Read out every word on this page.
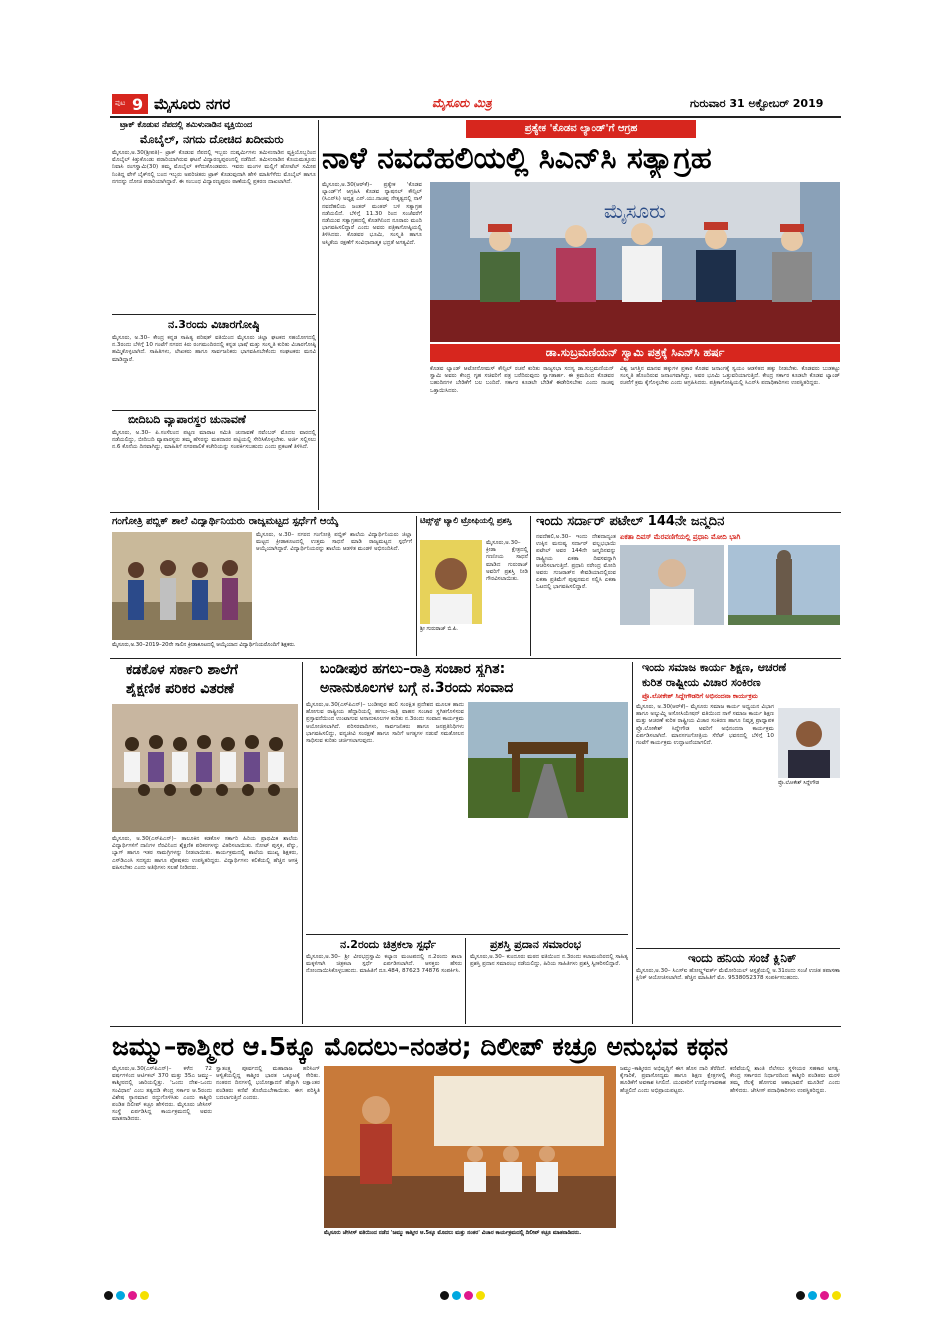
ಪುಟ 9 ಮೈಸೂರು ನಗರ	ಮೈಸೂರು ಮಿತ್ರ	ಗುರುವಾರ 31 ಅಕ್ಟೋಬರ್ 2019
ಟ್ರಾಕ್ ಕೊಡುವ ನೆಪದಲ್ಲಿ ತಮಿಳುನಾಡಿನ ವ್ಯಕ್ತಿಯಿಂದ
ಮೊಬೈಲ್, ನಗದು ದೋಚಿದ ಖದೀಮರು
ಮೈಸೂರು,ಅ.30(ಶ್ರೀಪತಿ)– ಟ್ರಾಕ್ ಕೊಡುವ ನೆಪದಲ್ಲಿ ಇಬ್ಬರು ದುಷ್ಕರ್ಮಿಗಳು ತಮಿಳುನಾಡಿನ ವ್ಯಕ್ತಿಯೊಬ್ಬರಿಂದ ಮೊಬೈಲ್ ಕಿತ್ತುಕೊಂಡು ಪರಾರಿಯಾಗಿರುವ ಘಟನೆ ವಿದ್ಯಾರಣ್ಯಪುರಂನಲ್ಲಿ ನಡೆದಿದೆ. ತಮಿಳುನಾಡಿನ ಕೊಯಮತ್ತೂರು ನಿವಾಸಿ ರಂಗಸ್ವಾಮಿ(30) ತಮ್ಮ ಮೊಬೈಲ್ ಕಳೆದುಕೊಂಡವರು. ಇವರು ಮಂಗಳ ಮಲ್ಲಿಗೆ ಹೋಟೆಲ್ ಸಮೀಪ ನಿಂತಿದ್ದ ವೇಳೆ ಬೈಕ್‌ನಲ್ಲಿ ಬಂದ ಇಬ್ಬರು ಅಪರಿಚಿತರು ಟ್ರಾಕ್ ಕೊಡುವುದಾಗಿ ಹೇಳಿ ಮಾತಿಗೆಳೆದು ಮೊಬೈಲ್ ಹಾಗೂ ನಗದನ್ನು ದೋಚಿ ಪರಾರಿಯಾಗಿದ್ದಾರೆ. ಈ ಸಂಬಂಧ ವಿದ್ಯಾರಣ್ಯಪುರಂ ಠಾಣೆಯಲ್ಲಿ ಪ್ರಕರಣ ದಾಖಲಾಗಿದೆ.
ನ.3ರಂದು ವಿಚಾರಗೋಷ್ಠಿ
ಮೈಸೂರು, ಅ.30– ಕೇಂದ್ರ ಕನ್ನಡ ಸಾಹಿತ್ಯ ಪರಿಷತ್ ವತಿಯಿಂದ ಮೈಸೂರು ಜಿಲ್ಲಾ ಘಟಕದ ಸಹಯೋಗದಲ್ಲಿ ನ.3ರಂದು ಬೆಳಿಗ್ಗೆ 10 ಗಂಟೆಗೆ ನಗರದ ಕಿರು ರಂಗಮಂದಿರದಲ್ಲಿ ಕನ್ನಡ ಭಾಷೆ ಮತ್ತು ಸಂಸ್ಕೃತಿ ಕುರಿತು ವಿಚಾರಗೋಷ್ಠಿ ಹಮ್ಮಿಕೊಳ್ಳಲಾಗಿದೆ. ಸಾಹಿತಿಗಳು, ಲೇಖಕರು ಹಾಗೂ ಸಾರ್ವಜನಿಕರು ಭಾಗವಹಿಸಬೇಕೆಂದು ಸಂಘಟಕರು ಮನವಿ ಮಾಡಿದ್ದಾರೆ.
ಬೀದಿಬದಿ ವ್ಯಾಪಾರಸ್ಥರ ಚುನಾವಣೆ
ಮೈಸೂರು, ಅ.30– ಪಿ.ಸಂಸೆಲಂದ ಪಟ್ಟಣ ಮಾರಾಟ ಸಮಿತಿ ಚುನಾವಣೆ ನವೆಂಬರ್ ಮೊದಲ ವಾರದಲ್ಲಿ ನಡೆಯಲಿದ್ದು, ಬೀದಿಬದಿ ವ್ಯಾಪಾರಸ್ಥರು ತಮ್ಮ ಹೆಸರನ್ನು ಮತದಾರರ ಪಟ್ಟಿಯಲ್ಲಿ ಸೇರಿಸಿಕೊಳ್ಳಬೇಕು. ಅರ್ಜಿ ಸಲ್ಲಿಸಲು ನ.6 ಕೊನೆಯ ದಿನವಾಗಿದ್ದು, ಮಾಹಿತಿಗೆ ನಗರಪಾಲಿಕೆ ಕಚೇರಿಯನ್ನು ಸಂಪರ್ಕಿಸಬಹುದು ಎಂದು ಪ್ರಕಟಣೆ ತಿಳಿಸಿದೆ.
ಪ್ರತ್ಯೇಕ 'ಕೊಡವ ಲ್ಯಾಂಡ್'ಗೆ ಆಗ್ರಹ
ನಾಳೆ ನವದೆಹಲಿಯಲ್ಲಿ ಸಿಎನ್‌ಸಿ ಸತ್ಯಾಗ್ರಹ
ಮೈಸೂರು,ಅ.30(ಆರ್‌ಕೆ)– ಪ್ರತ್ಯೇಕ 'ಕೊಡವ ಲ್ಯಾಂಡ್'ಗೆ ಆಗ್ರಹಿಸಿ ಕೊಡವ ನ್ಯಾಷನಲ್ ಕೌನ್ಸಿಲ್ (ಸಿಎನ್‌ಸಿ) ಅಧ್ಯಕ್ಷ ಎನ್.ಯು.ನಾಚಪ್ಪ ನೇತೃತ್ವದಲ್ಲಿ ನಾಳೆ ನವದೆಹಲಿಯ ಜಂತರ್ ಮಂತರ್ ಬಳಿ ಸತ್ಯಾಗ್ರಹ ನಡೆಯಲಿದೆ. ಬೆಳಿಗ್ಗೆ 11.30 ರಿಂದ ಸಂಜೆವರೆಗೆ ನಡೆಯುವ ಸತ್ಯಾಗ್ರಹದಲ್ಲಿ ಕೊಡಗಿನಿಂದ ನೂರಾರು ಮಂದಿ ಭಾಗವಹಿಸಲಿದ್ದಾರೆ ಎಂದು ಅವರು ಪತ್ರಿಕಾಗೋಷ್ಠಿಯಲ್ಲಿ ತಿಳಿಸಿದರು. ಕೊಡವರ ಭೂಮಿ, ಸಂಸ್ಕೃತಿ ಹಾಗೂ ಅಸ್ಮಿತೆಯ ರಕ್ಷಣೆಗೆ ಸಂವಿಧಾನಾತ್ಮಕ ಭದ್ರತೆ ಅಗತ್ಯವಿದೆ.
ಮೈಸೂರು
ಡಾ.ಸುಬ್ರಮಣಿಯನ್ ಸ್ವಾಮಿ ಪತ್ರಕ್ಕೆ ಸಿಎನ್‌ಸಿ ಹರ್ಷ
ಕೊಡವ ಲ್ಯಾಂಡ್ ಆಟೋನೋಮಸ್ ಕೌನ್ಸಿಲ್ ರಚನೆ ಕುರಿತು ರಾಜ್ಯಸಭಾ ಸದಸ್ಯ ಡಾ.ಸುಬ್ರಮಣಿಯನ್ ಸ್ವಾಮಿ ಅವರು ಕೇಂದ್ರ ಗೃಹ ಸಚಿವರಿಗೆ ಪತ್ರ ಬರೆದಿರುವುದು ಸ್ವಾಗತಾರ್ಹ. ಈ ಕ್ರಮದಿಂದ ಕೊಡವರ ಬಹುದಿನಗಳ ಬೇಡಿಕೆಗೆ ಬಲ ಬಂದಿದೆ. ಸರ್ಕಾರ ಕೂಡಲೇ ಬೇಡಿಕೆ ಈಡೇರಿಸಬೇಕು ಎಂದು ನಾಚಪ್ಪ ಒತ್ತಾಯಿಸಿದರು.
ವಿಶ್ವ ಜಗತ್ತಿನ ಮಾನವ ಹಕ್ಕುಗಳ ಪ್ರಕಾರ ಕೊಡವ ಜನಾಂಗಕ್ಕೆ ಸ್ವಯಂ ಆಡಳಿತದ ಹಕ್ಕು ನೀಡಬೇಕು. ಕೊಡವರು ಬುಡಕಟ್ಟು ಸಂಸ್ಕೃತಿ ಹೊಂದಿರುವ ಜನಾಂಗವಾಗಿದ್ದು, ಅವರ ಭೂಮಿ ಒತ್ತುವರಿಯಾಗುತ್ತಿದೆ. ಕೇಂದ್ರ ಸರ್ಕಾರ ಕೂಡಲೇ ಕೊಡವ ಲ್ಯಾಂಡ್ ರಚನೆಗೆ ಕ್ರಮ ಕೈಗೊಳ್ಳಬೇಕು ಎಂದು ಆಗ್ರಹಿಸಿದರು. ಪತ್ರಿಕಾಗೋಷ್ಠಿಯಲ್ಲಿ ಸಿಎನ್‌ಸಿ ಪದಾಧಿಕಾರಿಗಳು ಉಪಸ್ಥಿತರಿದ್ದರು.
ಗಂಗೋತ್ರಿ ಪಬ್ಲಿಕ್ ಶಾಲೆ ವಿದ್ಯಾರ್ಥಿನಿಯರು ರಾಜ್ಯಮಟ್ಟದ ಸ್ಪರ್ಧೆಗೆ ಆಯ್ಕೆ
ಮೈಸೂರು, ಅ.30– ನಗರದ ಗಂಗೋತ್ರಿ ಪಬ್ಲಿಕ್ ಶಾಲೆಯ ವಿದ್ಯಾರ್ಥಿನಿಯರು ಜಿಲ್ಲಾ ಮಟ್ಟದ ಕ್ರೀಡಾಕೂಟದಲ್ಲಿ ಉತ್ತಮ ಸಾಧನೆ ಮಾಡಿ ರಾಜ್ಯಮಟ್ಟದ ಸ್ಪರ್ಧೆಗೆ ಆಯ್ಕೆಯಾಗಿದ್ದಾರೆ. ವಿದ್ಯಾರ್ಥಿನಿಯರನ್ನು ಶಾಲೆಯ ಆಡಳಿತ ಮಂಡಳಿ ಅಭಿನಂದಿಸಿದೆ.
ಮೈಸೂರು,ಅ.30–2019–20ನೇ ಸಾಲಿನ ಕ್ರೀಡಾಕೂಟದಲ್ಲಿ ಆಯ್ಕೆಯಾದ ವಿದ್ಯಾರ್ಥಿನಿಯರೊಂದಿಗೆ ಶಿಕ್ಷಕರು.
ಟಿಪ್ಸ್‌ಸ್ಟ್ ಟ್ಯಾಲಿ ಟ್ರೋಫಿಯಲ್ಲಿ ಪ್ರಶಸ್ತಿ
ಮೈಸೂರು,ಅ.30– ಕ್ರೀಡಾ ಕ್ಷೇತ್ರದಲ್ಲಿ ಗಣನೀಯ ಸಾಧನೆ ಮಾಡಿದ ಗುರುರಾಜ್ ಅವರಿಗೆ ಪ್ರಶಸ್ತಿ ನೀಡಿ ಗೌರವಿಸಲಾಯಿತು.
ಶ್ರೀ ಗುರುರಾಜ್ ಬಿ.ಪಿ.
ಇಂದು ಸರ್ದಾರ್ ಪಟೇಲ್ 144ನೇ ಜನ್ಮದಿನ
ಏಕತಾ ದಿವಸ್ ಮೆರವಣಿಗೆಯಲ್ಲಿ ಪ್ರಧಾನಿ ಮೋದಿ ಭಾಗಿ
ನವದೆಹಲಿ,ಅ.30– ಇಂದು ದೇಶದಾದ್ಯಂತ ಉಕ್ಕಿನ ಮನುಷ್ಯ ಸರ್ದಾರ್ ವಲ್ಲಭಭಾಯಿ ಪಟೇಲ್ ಅವರ 144ನೇ ಜನ್ಮದಿನವನ್ನು ರಾಷ್ಟ್ರೀಯ ಏಕತಾ ದಿವಸವನ್ನಾಗಿ ಆಚರಿಸಲಾಗುತ್ತಿದೆ. ಪ್ರಧಾನಿ ನರೇಂದ್ರ ಮೋದಿ ಅವರು ಗುಜರಾತ್‌ನ ಕೇವಡಿಯಾದಲ್ಲಿರುವ ಏಕತಾ ಪ್ರತಿಮೆಗೆ ಪುಷ್ಪನಮನ ಸಲ್ಲಿಸಿ ಏಕತಾ ಓಟದಲ್ಲಿ ಭಾಗವಹಿಸಲಿದ್ದಾರೆ.
ಕಡಕೊಳ ಸರ್ಕಾರಿ ಶಾಲೆಗೆ
ಶೈಕ್ಷಣಿಕ ಪರಿಕರ ವಿತರಣೆ
ಮೈಸೂರು, ಅ.30(ಎಸ್‌ಪಿಎನ್)– ತಾಲೂಕಿನ ಕಡಕೊಳ ಸರ್ಕಾರಿ ಹಿರಿಯ ಪ್ರಾಥಮಿಕ ಶಾಲೆಯ ವಿದ್ಯಾರ್ಥಿಗಳಿಗೆ ದಾನಿಗಳ ನೆರವಿನಿಂದ ಶೈಕ್ಷಣಿಕ ಪರಿಕರಗಳನ್ನು ವಿತರಿಸಲಾಯಿತು. ನೋಟ್ ಪುಸ್ತಕ, ಪೆನ್ನು, ಬ್ಯಾಗ್ ಹಾಗೂ ಇತರ ಸಾಮಗ್ರಿಗಳನ್ನು ನೀಡಲಾಯಿತು. ಕಾರ್ಯಕ್ರಮದಲ್ಲಿ ಶಾಲೆಯ ಮುಖ್ಯ ಶಿಕ್ಷಕರು, ಎಸ್‌ಡಿಎಂಸಿ ಸದಸ್ಯರು ಹಾಗೂ ಪೋಷಕರು ಉಪಸ್ಥಿತರಿದ್ದರು. ವಿದ್ಯಾರ್ಥಿಗಳು ಕಲಿಕೆಯಲ್ಲಿ ಹೆಚ್ಚಿನ ಆಸಕ್ತಿ ವಹಿಸಬೇಕು ಎಂದು ಅತಿಥಿಗಳು ಸಲಹೆ ನೀಡಿದರು.
ಬಂಡೀಪುರ ಹಗಲು–ರಾತ್ರಿ ಸಂಚಾರ ಸ್ಥಗಿತ:
ಅನಾನುಕೂಲಗಳ ಬಗ್ಗೆ ನ.3ರಂದು ಸಂವಾದ
ಮೈಸೂರು,ಅ.30(ಎಸ್‌ಪಿಎನ್)– ಬಂಡೀಪುರ ಹುಲಿ ಸಂರಕ್ಷಿತ ಪ್ರದೇಶದ ಮೂಲಕ ಹಾದು ಹೋಗುವ ರಾಷ್ಟ್ರೀಯ ಹೆದ್ದಾರಿಯಲ್ಲಿ ಹಗಲು–ರಾತ್ರಿ ವಾಹನ ಸಂಚಾರ ಸ್ಥಗಿತಗೊಳಿಸುವ ಪ್ರಸ್ತಾವನೆಯಿಂದ ಉಂಟಾಗುವ ಅನಾನುಕೂಲಗಳ ಕುರಿತು ನ.3ರಂದು ಸಂವಾದ ಕಾರ್ಯಕ್ರಮ ಆಯೋಜಿಸಲಾಗಿದೆ. ಪರಿಸರವಾದಿಗಳು, ಸಾರ್ವಜನಿಕರು ಹಾಗೂ ಜನಪ್ರತಿನಿಧಿಗಳು ಭಾಗವಹಿಸಲಿದ್ದು, ವನ್ಯಜೀವಿ ಸಂರಕ್ಷಣೆ ಹಾಗೂ ಸಾರಿಗೆ ಅಗತ್ಯಗಳ ನಡುವೆ ಸಮತೋಲನ ಸಾಧಿಸುವ ಕುರಿತು ಚರ್ಚಿಸಲಾಗುವುದು.
ನ.2ರಂದು ಚಿತ್ರಕಲಾ ಸ್ಪರ್ಧೆ
ಮೈಸೂರು,ಅ.30– ಶ್ರೀ ವೀರಭದ್ರಸ್ವಾಮಿ ಕಲ್ಯಾಣ ಮಂಟಪದಲ್ಲಿ ನ.2ರಂದು ಶಾಲಾ ಮಕ್ಕಳಿಗಾಗಿ ಚಿತ್ರಕಲಾ ಸ್ಪರ್ಧೆ ಏರ್ಪಡಿಸಲಾಗಿದೆ. ಆಸಕ್ತರು ಹೆಸರು ನೋಂದಾಯಿಸಿಕೊಳ್ಳಬಹುದು. ಮಾಹಿತಿಗೆ ದೂ.484, 87623 74876 ಸಂಪರ್ಕಿಸಿ.
ಪ್ರಶಸ್ತಿ ಪ್ರದಾನ ಸಮಾರಂಭ
ಮೈಸೂರು,ಅ.30– ಕುಂದೂರು ಮಠದ ವತಿಯಿಂದ ನ.3ರಂದು ಕಲಾಮಂದಿರದಲ್ಲಿ ಸಾಹಿತ್ಯ ಪ್ರಶಸ್ತಿ ಪ್ರದಾನ ಸಮಾರಂಭ ನಡೆಯಲಿದ್ದು, ಹಿರಿಯ ಸಾಹಿತಿಗಳು ಪ್ರಶಸ್ತಿ ಸ್ವೀಕರಿಸಲಿದ್ದಾರೆ.
ಇಂದು ಸಮಾಜ ಕಾರ್ಯ ಶಿಕ್ಷಣ, ಆಚರಣೆ
ಕುರಿತ ರಾಷ್ಟ್ರೀಯ ವಿಚಾರ ಸಂಕಿರಣ
ಪ್ರೊ.ಲೋಕೇಶ್ ಸಿದ್ದೇಗೌಡರಿಗೆ ಅಭಿನಂದನಾ ಕಾರ್ಯಕ್ರಮ
ಮೈಸೂರು, ಅ.30(ಆರ್‌ಕೆ)– ಮೈಸೂರು ಸಮಾಜ ಕಾರ್ಯ ಅಧ್ಯಯನ ವಿಭಾಗ ಹಾಗೂ ಅಲ್ಯುಮ್ನಿ ಅಸೋಸಿಯೇಷನ್ ವತಿಯಿಂದ ನಾಳೆ ಸಮಾಜ ಕಾರ್ಯ ಶಿಕ್ಷಣ ಮತ್ತು ಆಚರಣೆ ಕುರಿತ ರಾಷ್ಟ್ರೀಯ ವಿಚಾರ ಸಂಕಿರಣ ಹಾಗೂ ನಿವೃತ್ತ ಪ್ರಾಧ್ಯಾಪಕ ಪ್ರೊ.ಲೋಕೇಶ್ ಸಿದ್ದೇಗೌಡ ಅವರಿಗೆ ಅಭಿನಂದನಾ ಕಾರ್ಯಕ್ರಮ ಏರ್ಪಡಿಸಲಾಗಿದೆ. ಮಾನಸಗಂಗೋತ್ರಿಯ ಸೆನೆಟ್ ಭವನದಲ್ಲಿ ಬೆಳಿಗ್ಗೆ 10 ಗಂಟೆಗೆ ಕಾರ್ಯಕ್ರಮ ಉದ್ಘಾಟನೆಯಾಗಲಿದೆ.
ಪ್ರೊ.ಲೋಕೇಶ್ ಸಿದ್ದೇಗೌಡ
ಇಂದು ಹನಿಯ ಸಂಜೆ ಕ್ಲಿನಿಕ್
ಮೈಸೂರು,ಅ.30– ಸಿಎಸ್‌ಐ ಹೋಲ್ಡ್ಸ್‌ವರ್ತ್ ಮೆಮೋರಿಯಲ್ ಆಸ್ಪತ್ರೆಯಲ್ಲಿ ಅ.31ರಂದು ಸಂಜೆ ಉಚಿತ ತಪಾಸಣಾ ಕ್ಲಿನಿಕ್ ಆಯೋಜಿಸಲಾಗಿದೆ. ಹೆಚ್ಚಿನ ಮಾಹಿತಿಗೆ ಮೊ. 9538052378 ಸಂಪರ್ಕಿಸಬಹುದು.
ಜಮ್ಮು–ಕಾಶ್ಮೀರ ಆ.5ಕ್ಕೂ ಮೊದಲು–ನಂತರ; ದಿಲೀಪ್ ಕಚ್ರೂ ಅನುಭವ ಕಥನ
ಮೈಸೂರು,ಅ.30(ಎಸ್‌ಪಿಎನ್)– ಕಳೆದ 72 ವರ್ಷಗಳಿಂದ ಆರ್ಟಿಕಲ್ 370 ಮತ್ತು 35ಎ ಜಮ್ಮು–ಕಾಶ್ಮೀರದಲ್ಲಿ ಜಾರಿಯಲ್ಲಿತ್ತು. 'ಒಂದು ದೇಶ–ಒಂದು ಸಂವಿಧಾನ' ಎಂಬ ತತ್ವದಡಿ ಕೇಂದ್ರ ಸರ್ಕಾರ ಆ.5ರಂದು ವಿಶೇಷ ಸ್ಥಾನಮಾನ ರದ್ದುಗೊಳಿಸಿತು ಎಂದು ಕಾಶ್ಮೀರಿ ಪಂಡಿತ ದಿಲೀಪ್ ಕಚ್ರೂ ಹೇಳಿದರು. ಮೈಸೂರು ಜೇಸೀಸ್ ಸಂಸ್ಥೆ ಏರ್ಪಡಿಸಿದ್ದ ಕಾರ್ಯಕ್ರಮದಲ್ಲಿ ಅವರು ಮಾತನಾಡಿದರು.
ಸ್ವಾತಂತ್ರ್ಯ ಪೂರ್ವದಲ್ಲಿ ಮಹಾರಾಜ ಹರಿಸಿಂಗ್ ಆಳ್ವಿಕೆಯಲ್ಲಿದ್ದ ಕಾಶ್ಮೀರ ಭಾರತ ಒಕ್ಕೂಟಕ್ಕೆ ಸೇರಿತು. ನಂತರದ ದಿನಗಳಲ್ಲಿ ಭಯೋತ್ಪಾದನೆ ಹೆಚ್ಚಾಗಿ ಲಕ್ಷಾಂತರ ಪಂಡಿತರು ಕಣಿವೆ ತೊರೆಯಬೇಕಾಯಿತು. ಈಗ ಪರಿಸ್ಥಿತಿ ಬದಲಾಗುತ್ತಿದೆ ಎಂದರು.
ಮೈಸೂರು ಜೇಸೀಸ್ ವತಿಯಿಂದ ನಡೆದ 'ಜಮ್ಮು ಕಾಶ್ಮೀರ ಆ.5ಕ್ಕೂ ಮೊದಲು ಮತ್ತು ನಂತರ' ವಿಚಾರ ಕಾರ್ಯಕ್ರಮದಲ್ಲಿ ದಿಲೀಪ್ ಕಚ್ರೂ ಮಾತನಾಡಿದರು.
ಜಮ್ಮು–ಕಾಶ್ಮೀರದ ಅಭಿವೃದ್ಧಿಗೆ ಈಗ ಹೊಸ ದಾರಿ ತೆರೆದಿದೆ. ಕೈಗಾರಿಕೆ, ಪ್ರವಾಸೋದ್ಯಮ ಹಾಗೂ ಶಿಕ್ಷಣ ಕ್ಷೇತ್ರಗಳಲ್ಲಿ ಹೂಡಿಕೆಗೆ ಅವಕಾಶ ಸಿಗಲಿದೆ. ಯುವಕರಿಗೆ ಉದ್ಯೋಗಾವಕಾಶ ಹೆಚ್ಚಲಿದೆ ಎಂದು ಅಭಿಪ್ರಾಯಪಟ್ಟರು.
ಕಣಿವೆಯಲ್ಲಿ ಶಾಂತಿ ನೆಲೆಸಲು ಸ್ಥಳೀಯರ ಸಹಕಾರ ಅಗತ್ಯ. ಕೇಂದ್ರ ಸರ್ಕಾರದ ನಿರ್ಧಾರದಿಂದ ಕಾಶ್ಮೀರಿ ಪಂಡಿತರು ಮರಳಿ ತಮ್ಮ ನೆಲಕ್ಕೆ ಹೋಗುವ ಆಶಾಭಾವನೆ ಮೂಡಿದೆ ಎಂದು ಹೇಳಿದರು. ಜೇಸೀಸ್ ಪದಾಧಿಕಾರಿಗಳು ಉಪಸ್ಥಿತರಿದ್ದರು.
